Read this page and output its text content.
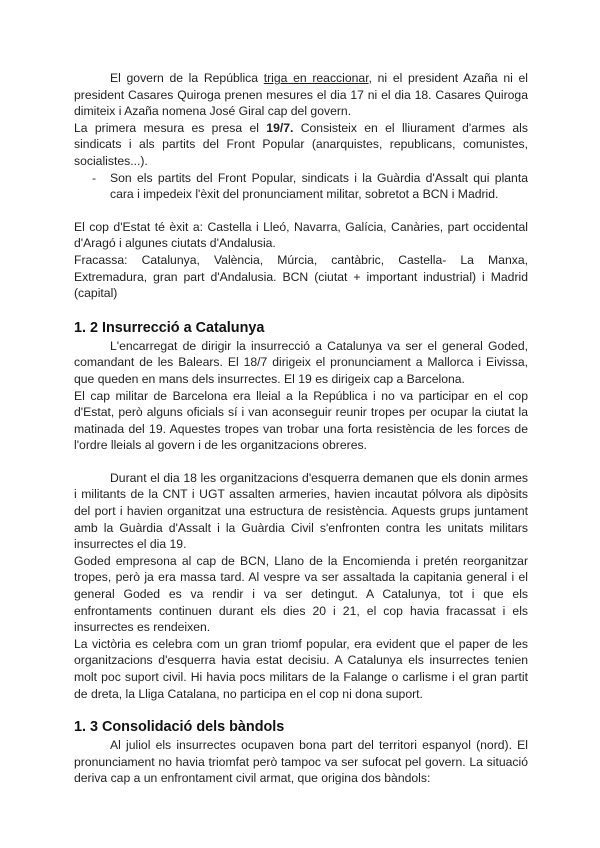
El govern de la República triga en reaccionar, ni el president Azaña ni el president Casares Quiroga prenen mesures el dia 17 ni el dia 18. Casares Quiroga dimiteix i Azaña nomena José Giral cap del govern.

La primera mesura es presa el 19/7. Consisteix en el lliurament d'armes als sindicats i als partits del Front Popular (anarquistes, republicans, comunistes, socialistes...).

-	Son els partits del Front Popular, sindicats i la Guàrdia d'Assalt qui planta cara i impedeix l'èxit del pronunciament militar, sobretot a BCN i Madrid.

El cop d'Estat té èxit a: Castella i Lleó, Navarra, Galícia, Canàries, part occidental d'Aragó i algunes ciutats d'Andalusia.

Fracassa: Catalunya, València, Múrcia, cantàbric, Castella- La Manxa, Extremadura, gran part d'Andalusia. BCN (ciutat + important industrial) i Madrid (capital)

1. 2 Insurrecció a Catalunya

L'encarregat de dirigir la insurrecció a Catalunya va ser el general Goded, comandant de les Balears. El 18/7 dirigeix el pronunciament a Mallorca i Eivissa, que queden en mans dels insurrectes. El 19 es dirigeix cap a Barcelona.

El cap militar de Barcelona era lleial a la República i no va participar en el cop d'Estat, però alguns oficials sí i van aconseguir reunir tropes per ocupar la ciutat la matinada del 19. Aquestes tropes van trobar una forta resistència de les forces de l'ordre lleials al govern i de les organitzacions obreres.

Durant el dia 18 les organitzacions d'esquerra demanen que els donin armes i militants de la CNT i UGT assalten armeries, havien incautat pólvora als dipòsits del port i havien organitzat una estructura de resistència. Aquests grups juntament amb la Guàrdia d'Assalt i la Guàrdia Civil s'enfronten contra les unitats militars insurrectes el dia 19.

Goded empresona al cap de BCN, Llano de la Encomienda i pretén reorganitzar tropes, però ja era massa tard. Al vespre va ser assaltada la capitania general i el general Goded es va rendir i va ser detingut. A Catalunya, tot i que els enfrontaments continuen durant els dies 20 i 21, el cop havia fracassat i els insurrectes es rendeixen.

La victòria es celebra com un gran triomf popular, era evident que el paper de les organitzacions d'esquerra havia estat decisiu. A Catalunya els insurrectes tenien molt poc suport civil. Hi havia pocs militars de la Falange o carlisme i el gran partit de dreta, la Lliga Catalana, no participa en el cop ni dona suport.

1. 3 Consolidació dels bàndols

Al juliol els insurrectes ocupaven bona part del territori espanyol (nord). El pronunciament no havia triomfat però tampoc va ser sufocat pel govern. La situació deriva cap a un enfrontament civil armat, que origina dos bàndols:
